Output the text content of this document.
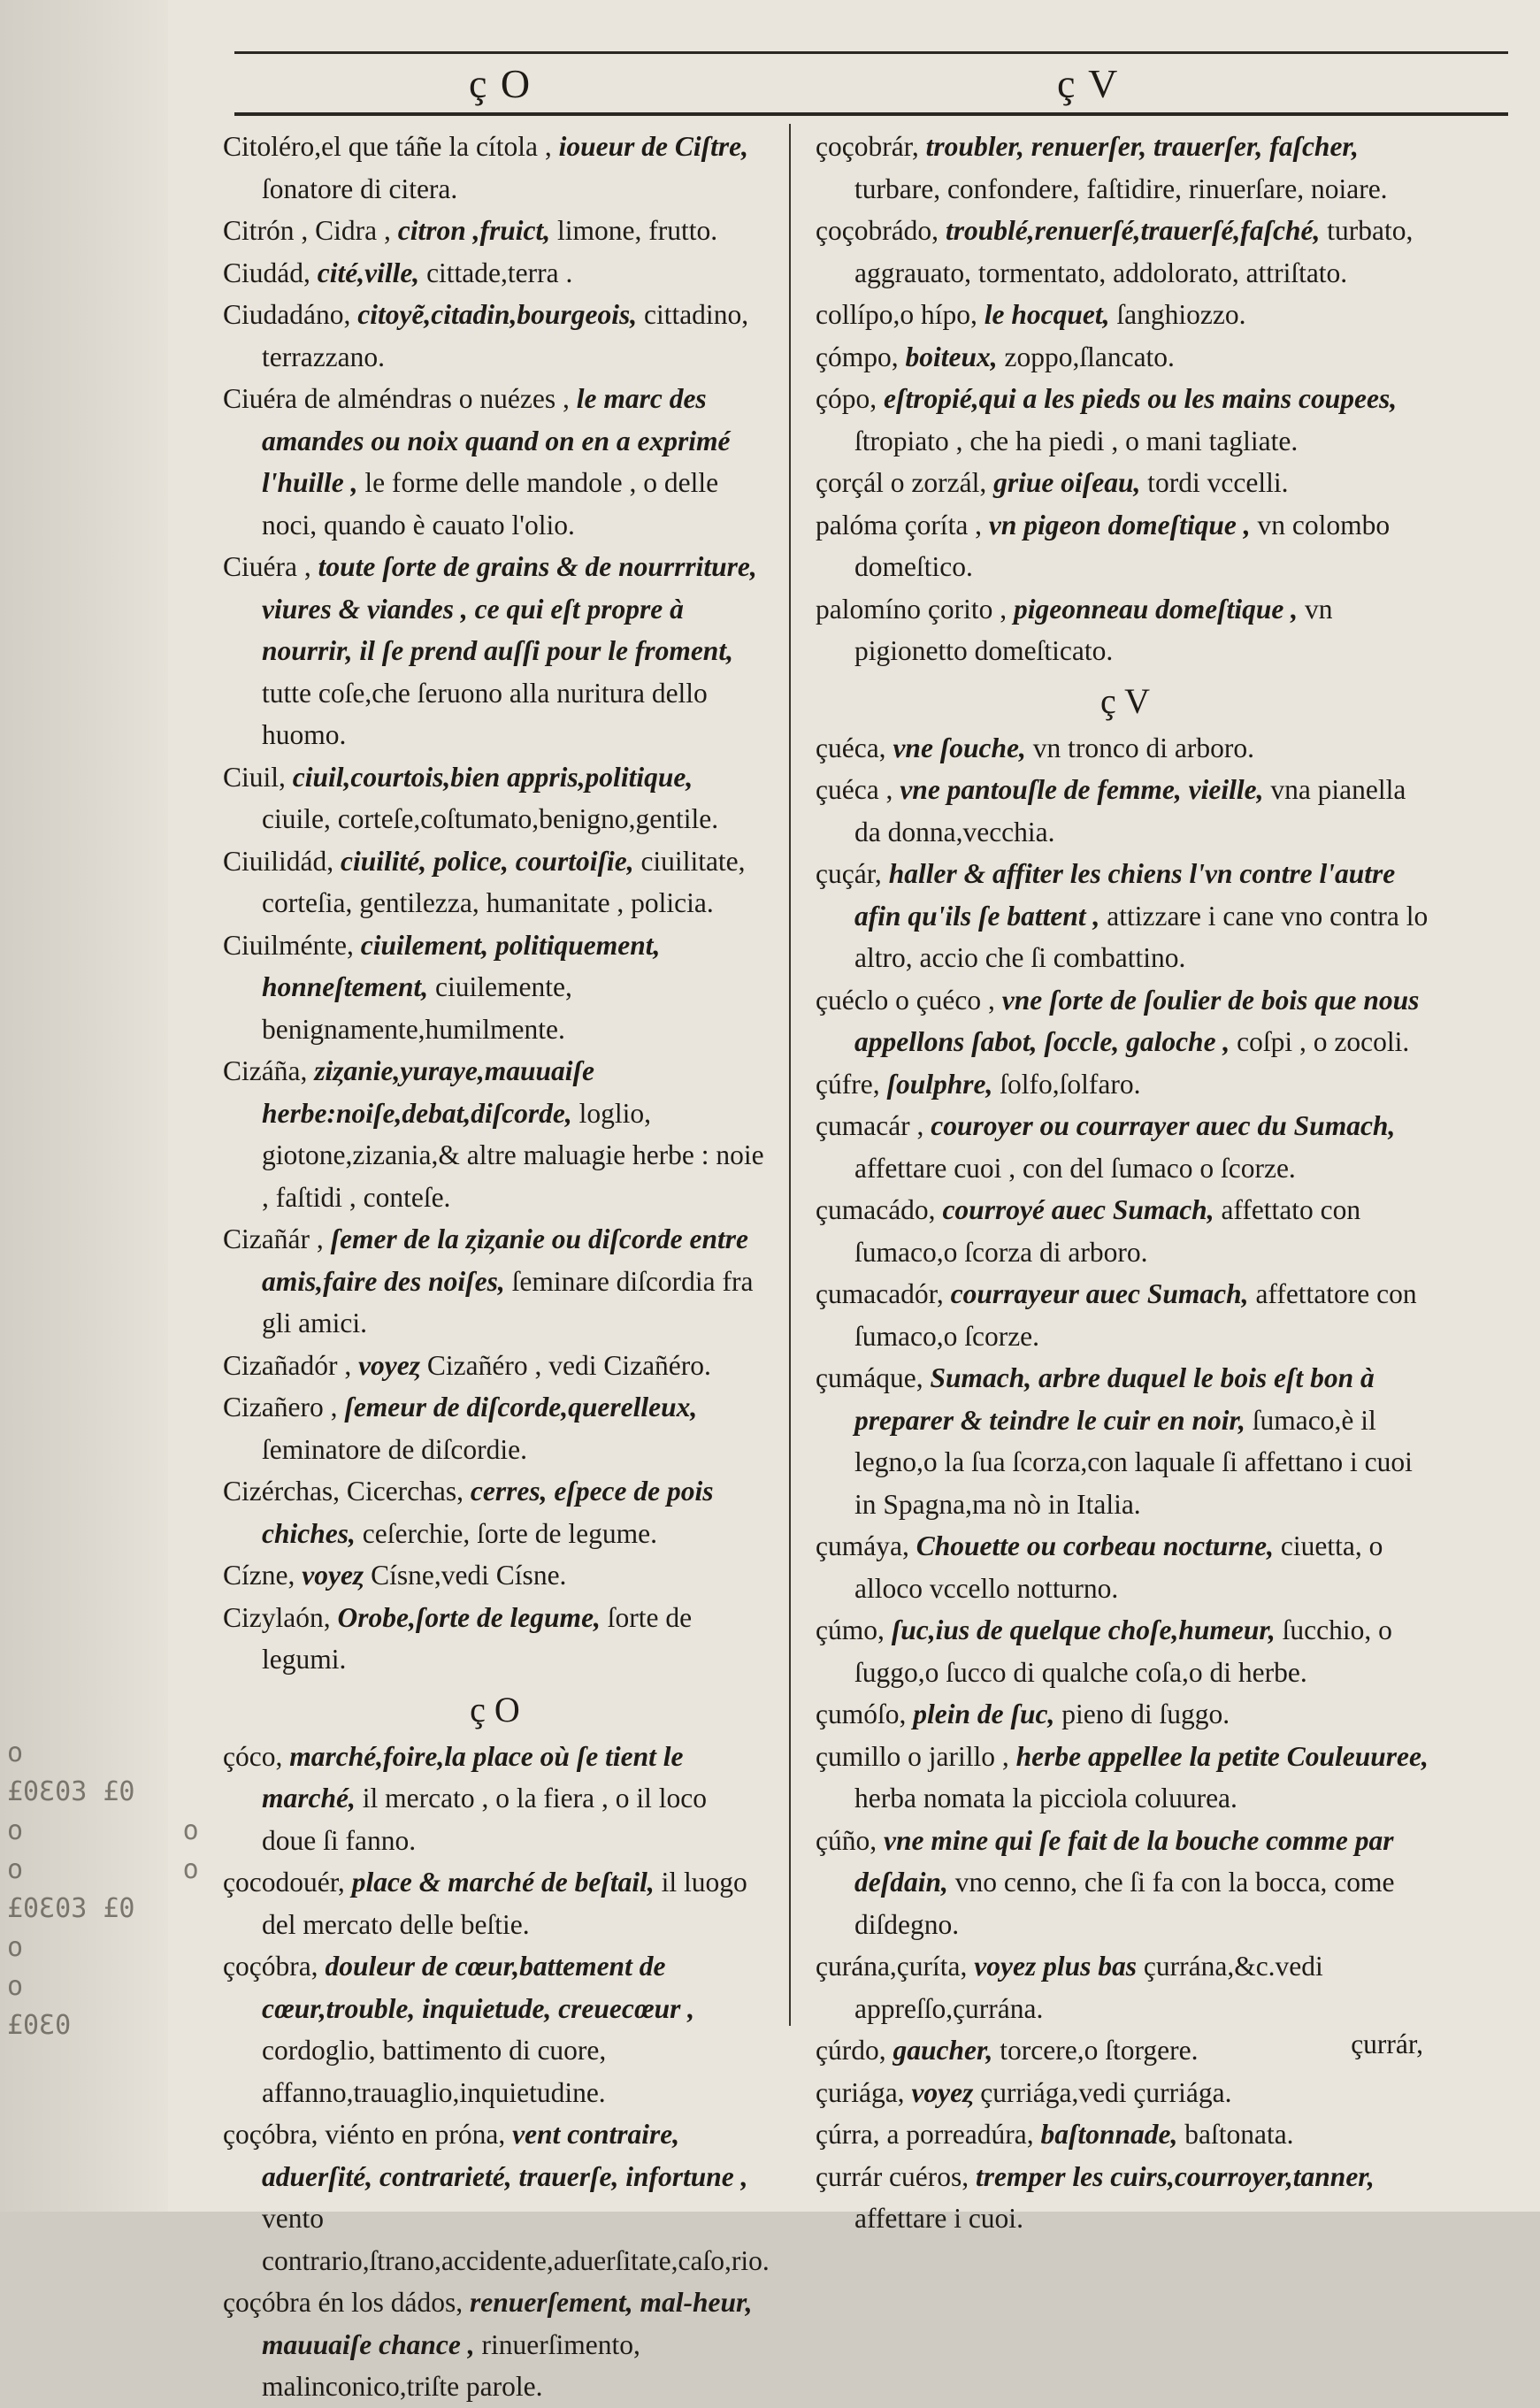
o
£0Ɛ03 £0
o          o
o          o
£0Ɛ03 £0
o
o
£0Ɛ0
ç O	ç V

Citoléro,el que táñe la cítola , ioueur de Ciſtre, ſonatore di citera.

Citrón , Cidra , citron ,fruict, limone, frutto.

Ciudád, cité,ville, cittade,terra .

Ciudadáno, citoyẽ,citadin,bourgeois, cittadino, terrazzano.

Ciuéra de alméndras o nuézes , le marc des amandes ou noix quand on en a exprimé l'huille , le forme delle mandole , o delle noci, quando è cauato l'olio.

Ciuéra , toute ſorte de grains & de nourrriture, viures & viandes , ce qui eſt propre à nourrir, il ſe prend auſſi pour le froment, tutte coſe,che ſeruono alla nuritura dello huomo.

Ciuil, ciuil,courtois,bien appris,politique, ciuile, corteſe,coſtumato,benigno,gentile.

Ciuilidád, ciuilité, police, courtoiſie, ciuilitate, corteſia, gentilezza, humanitate , policia.

Ciuilménte, ciuilement, politiquement, honneſtement, ciuilemente, benignamente,humilmente.

Cizáña, ziȥanie,yuraye,mauuaiſe herbe:noiſe,debat,diſcorde, loglio, giotone,zizania,& altre maluagie herbe : noie , faſtidi , conteſe.

Cizañár , ſemer de la ȥiȥanie ou diſcorde entre amis,faire des noiſes, ſeminare diſcordia fra gli amici.

Cizañadór , voyeȥ Cizañéro , vedi Cizañéro.

Cizañero , ſemeur de diſcorde,querelleux, ſeminatore de diſcordie.

Cizérchas, Cicerchas, cerres, eſpece de pois chiches, ceſerchie, ſorte de legume.

Cízne, voyeȥ Císne,vedi Císne.

Cizylaón, Orobe,ſorte de legume, ſorte de legumi.

ç O

çóco, marché,foire,la place où ſe tient le marché, il mercato , o la fiera , o il loco doue ſi fanno.

çocodouér, place & marché de beſtail, il luogo del mercato delle beſtie.

çoçóbra, douleur de cœur,battement de cœur,trouble, inquietude, creuecœur , cordoglio, battimento di cuore, affanno,trauaglio,inquietudine.

çoçóbra, viénto en próna, vent contraire, aduerſité, contrarieté, trauerſe, infortune , vento contrario,ſtrano,accidente,aduerſitate,caſo,rio.

çoçóbra én los dádos, renuerſement, mal-heur, mauuaiſe chance , rinuerſimento, malinconico,triſte parole.

çoçobrár, troubler, renuerſer, trauerſer, faſcher, turbare, confondere, faſtidire, rinuerſare, noiare.

çoçobrádo, troublé,renuerſé,trauerſé,faſché, turbato, aggrauato, tormentato, addolorato, attriſtato.

collípo,o hípo, le hocquet, ſanghiozzo.

çómpo, boiteux, zoppo,ſlancato.

çópo, eſtropié,qui a les pieds ou les mains coupees, ſtropiato , che ha piedi , o mani tagliate.

çorçál o zorzál, griue oiſeau, tordi vccelli.

palóma çoríta , vn pigeon domeſtique , vn colombo domeſtico.

palomíno çorito , pigeonneau domeſtique , vn pigionetto domeſticato.

ç V

çuéca, vne ſouche, vn tronco di arboro.

çuéca , vne pantouſle de femme, vieille, vna pianella da donna,vecchia.

çuçár, haller & affiter les chiens l'vn contre l'autre afin qu'ils ſe battent , attizzare i cane vno contra lo altro, accio che ſi combattino.

çuéclo o çuéco , vne ſorte de ſoulier de bois que nous appellons ſabot, ſoccle, galoche , coſpi , o zocoli.

çúfre, ſoulphre, ſolfo,ſolfaro.

çumacár , couroyer ou courrayer auec du Sumach, affettare cuoi , con del ſumaco o ſcorze.

çumacádo, courroyé auec Sumach, affettato con ſumaco,o ſcorza di arboro.

çumacadór, courrayeur auec Sumach, affettatore con ſumaco,o ſcorze.

çumáque, Sumach, arbre duquel le bois eſt bon à preparer & teindre le cuir en noir, ſumaco,è il legno,o la ſua ſcorza,con laquale ſi affettano i cuoi in Spagna,ma nò in Italia.

çumáya, Chouette ou corbeau nocturne, ciuetta, o alloco vccello notturno.

çúmo, ſuc,ius de quelque choſe,humeur, ſucchio, o ſuggo,o ſucco di qualche coſa,o di herbe.

çumóſo, plein de ſuc, pieno di ſuggo.

çumillo o jarillo , herbe appellee la petite Couleuuree, herba nomata la picciola coluurea.

çúño, vne mine qui ſe fait de la bouche comme par deſdain, vno cenno, che ſi fa con la bocca, come diſdegno.

çurána,çuríta, voyez plus bas çurrána,&c.vedi appreſſo,çurrána.

çúrdo, gaucher, torcere,o ſtorgere.

çuriága, voyeȥ çurriága,vedi çurriága.

çúrra, a porreadúra, baſtonnade, baſtonata.

çurrár cuéros, tremper les cuirs,courroyer,tanner, affettare i cuoi.

çurrár,
